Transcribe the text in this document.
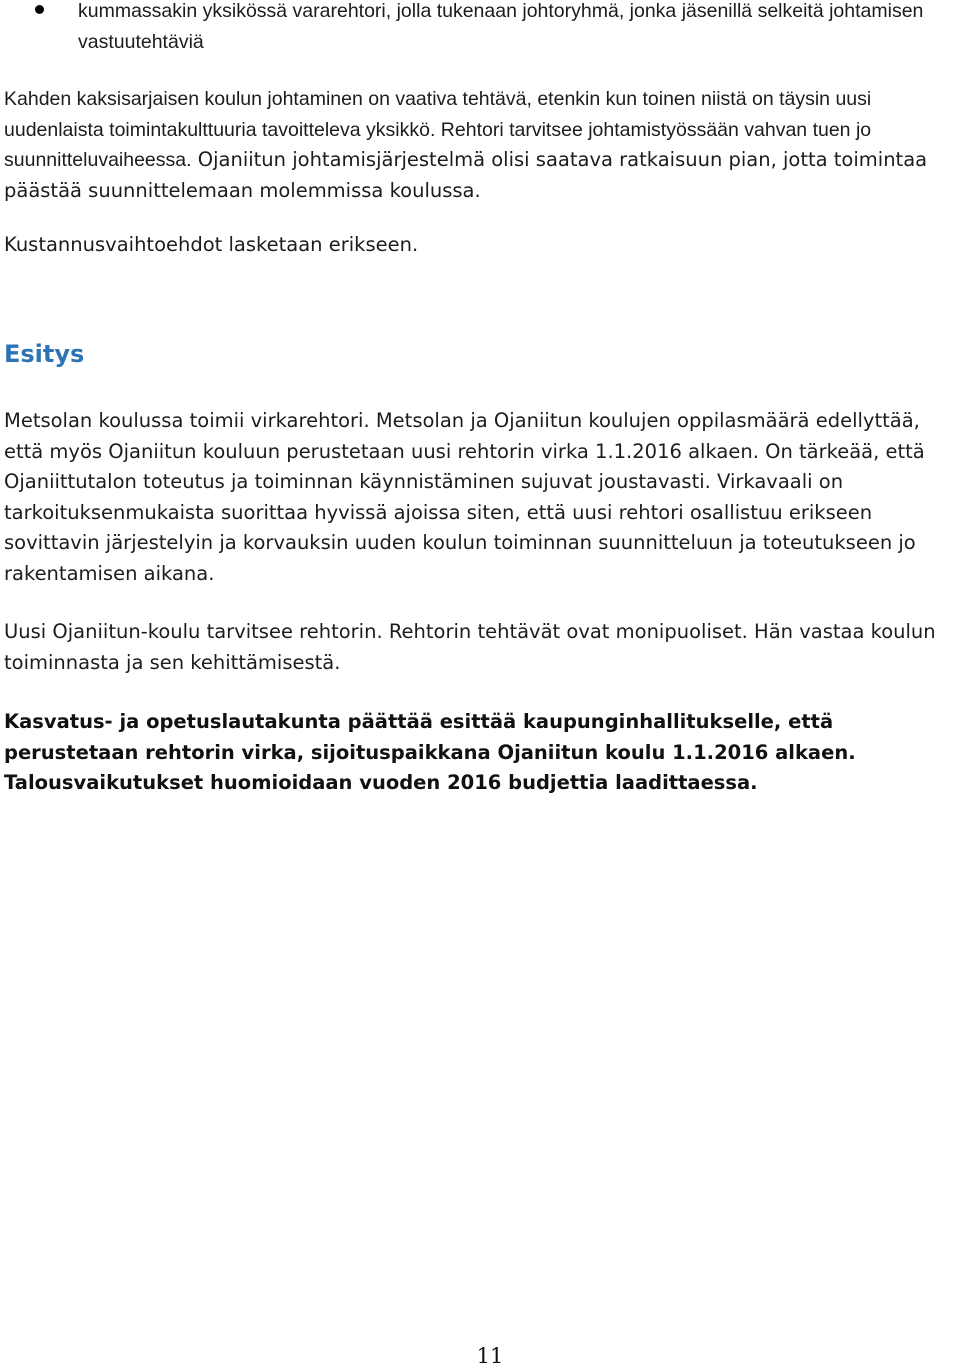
kummassakin yksikössä vararehtori, jolla tukenaan johtoryhmä, jonka jäsenillä selkeitä johtamisen vastuutehtäviä

Kahden kaksisarjaisen koulun johtaminen on vaativa tehtävä, etenkin kun toinen niistä on täysin uusi uudenlaista toimintakulttuuria tavoitteleva yksikkö. Rehtori tarvitsee johtamistyössään vahvan tuen jo suunnitteluvaiheessa. Ojaniitun johtamisjärjestelmä olisi saatava ratkaisuun pian, jotta toimintaa päästää suunnittelemaan molemmissa koulussa.

Kustannusvaihtoehdot lasketaan erikseen.

Esitys

Metsolan koulussa toimii virkarehtori. Metsolan ja Ojaniitun koulujen oppilasmäärä edellyttää, että myös Ojaniitun kouluun perustetaan uusi rehtorin virka 1.1.2016 alkaen. On tärkeää, että Ojaniittutalon toteutus ja toiminnan käynnistäminen sujuvat joustavasti. Virkavaali on tarkoituksenmukaista suorittaa hyvissä ajoissa siten, että uusi rehtori osallistuu erikseen sovittavin järjestelyin ja korvauksin uuden koulun toiminnan suunnitteluun ja toteutukseen jo rakentamisen aikana.

Uusi Ojaniitun-koulu tarvitsee rehtorin. Rehtorin tehtävät ovat monipuoliset. Hän vastaa koulun toiminnasta ja sen kehittämisestä.

Kasvatus- ja opetuslautakunta päättää esittää kaupunginhallitukselle, että perustetaan rehtorin virka, sijoituspaikkana Ojaniitun koulu 1.1.2016 alkaen. Talousvaikutukset huomioidaan vuoden 2016 budjettia laadittaessa.

11
